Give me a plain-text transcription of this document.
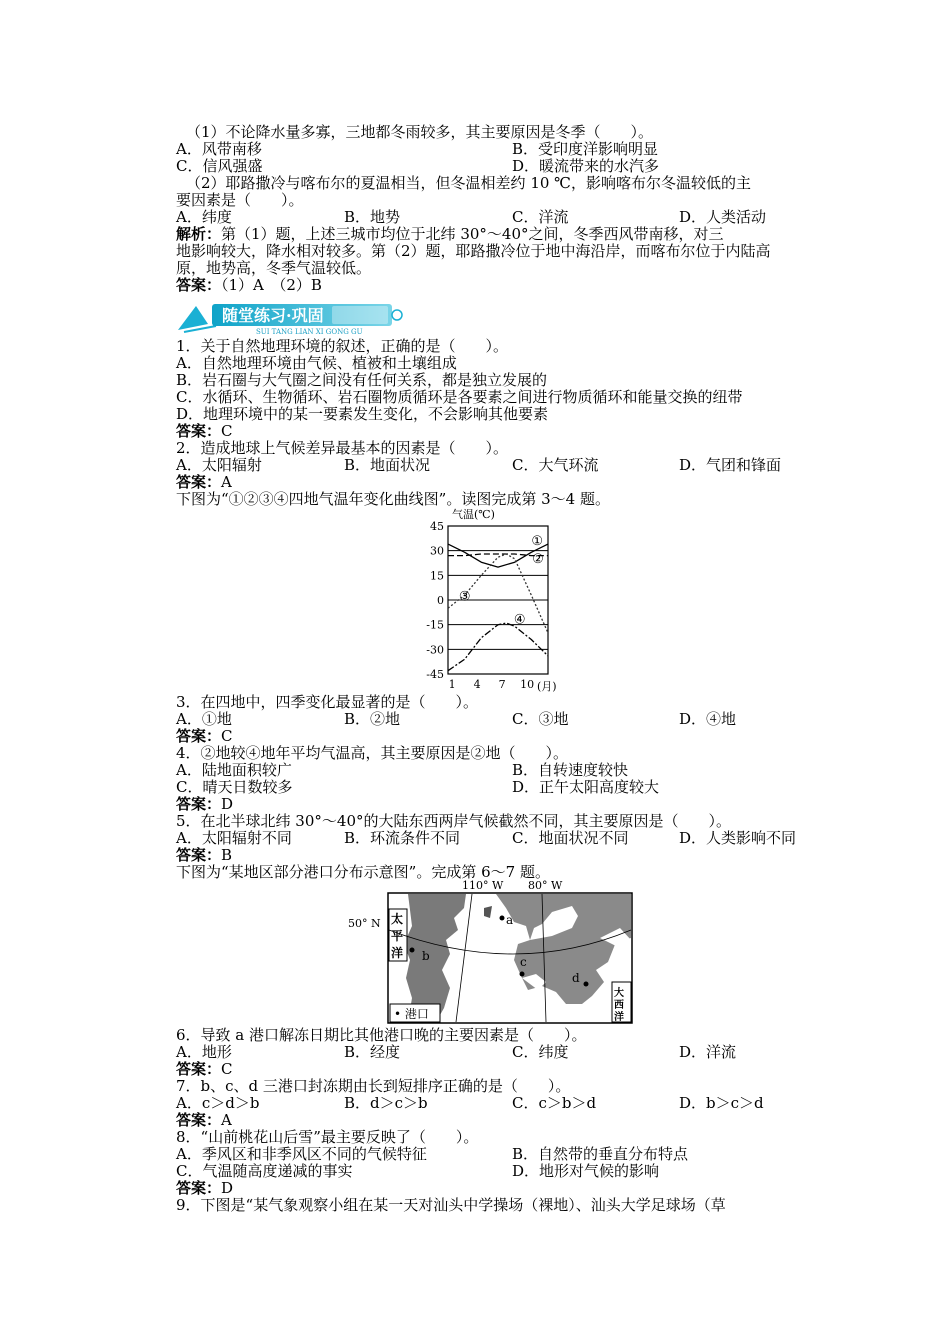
（1）不论降水量多寡，三地都冬雨较多，其主要原因是冬季（　　）。
A．风带南移	B．受印度洋影响明显
C．信风强盛	D．暖流带来的水汽多
（2）耶路撒冷与喀布尔的夏温相当，但冬温相差约 10 ℃，影响喀布尔冬温较低的主
要因素是（　　）。
A．纬度	B．地势	C．洋流	D．人类活动
解析：第（1）题，上述三城市均位于北纬 30°～40°之间，冬季西风带南移，对三
地影响较大，降水相对较多。第（2）题，耶路撒冷位于地中海沿岸，而喀布尔位于内陆高
原，地势高，冬季气温较低。
答案：（1）A　（2）B
随堂练习·巩固
SUI TANG LIAN XI GONG GU
1．关于自然地理环境的叙述，正确的是（　　）。
A．自然地理环境由气候、植被和土壤组成
B．岩石圈与大气圈之间没有任何关系，都是独立发展的
C．水循环、生物循环、岩石圈物质循环是各要素之间进行物质循环和能量交换的纽带
D．地理环境中的某一要素发生变化，不会影响其他要素
答案：C
2．造成地球上气候差异最基本的因素是（　　）。
A．太阳辐射	B．地面状况	C．大气环流	D．气团和锋面
答案：A
下图为“①②③④四地气温年变化曲线图”。读图完成第 3～4 题。
气温(℃)
(月)
45
30
15
0
-15
-30
-45
1 4 7 10
①
②
③
④
3．在四地中，四季变化最显著的是（　　）。
A．①地	B．②地	C．③地	D．④地
答案：C
4．②地较④地年平均气温高，其主要原因是②地（　　）。
A．陆地面积较广	B．自转速度较快
C．晴天日数较多	D．正午太阳高度较大
答案：D
5．在北半球北纬 30°～40°的大陆东西两岸气候截然不同，其主要原因是（　　）。
A．太阳辐射不同	B．环流条件不同	C．地面状况不同	D．人类影响不同
答案：B
下图为“某地区部分港口分布示意图”。完成第 6～7 题。
110° W 80° W
50° N 太
平
洋
大
西
洋
a
b	c
d
• 港口
6．导致 a 港口解冻日期比其他港口晚的主要因素是（　　）。
A．地形	B．经度	C．纬度	D．洋流
答案：C
7．b、c、d 三港口封冻期由长到短排序正确的是（　　）。
A．c＞d＞b	B．d＞c＞b	C．c＞b＞d	D．b＞c＞d
答案：A
8．“山前桃花山后雪”最主要反映了（　　）。
A．季风区和非季风区不同的气候特征	B．自然带的垂直分布特点
C．气温随高度递减的事实	D．地形对气候的影响
答案：D
9．下图是“某气象观察小组在某一天对汕头中学操场（裸地）、汕头大学足球场（草
